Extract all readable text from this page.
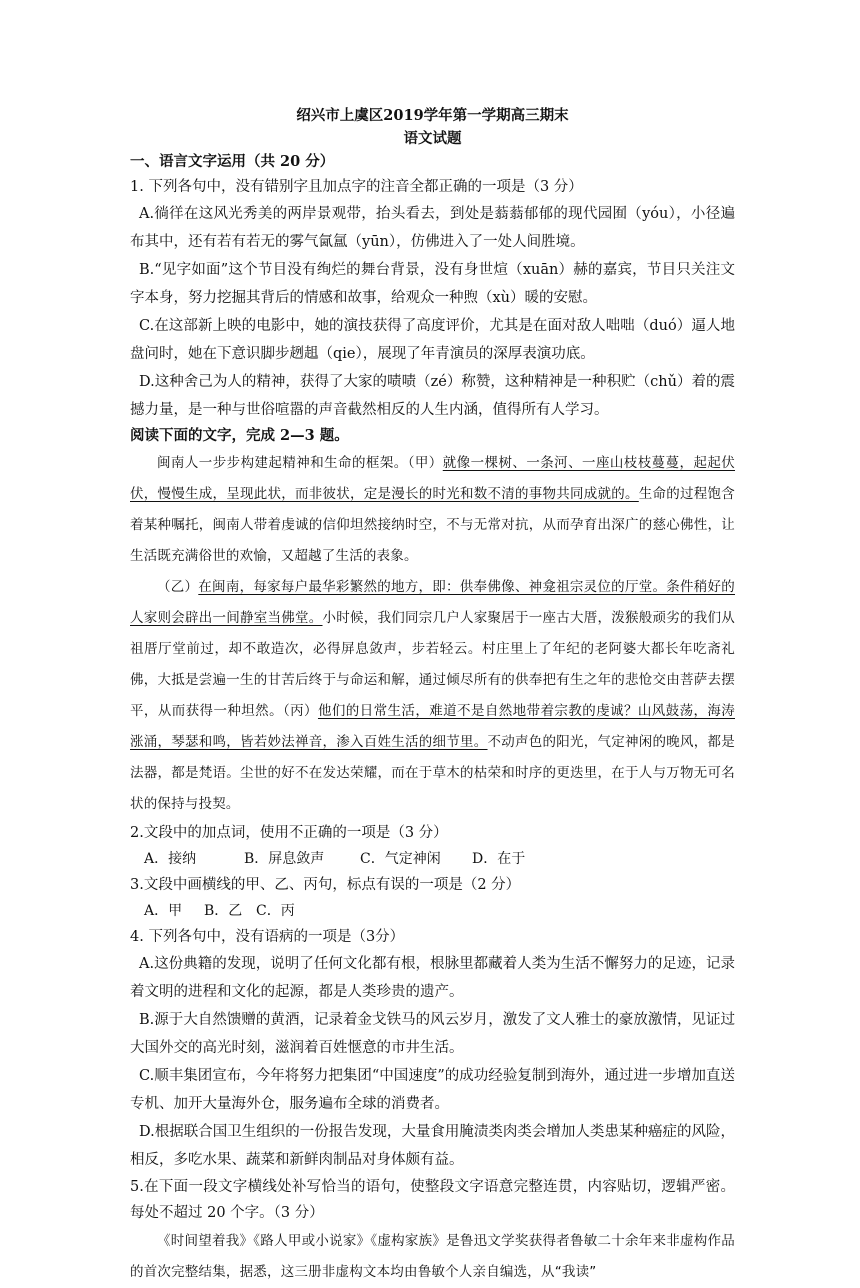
绍兴市上虞区2019学年第一学期高三期末
语文试题
一、语言文字运用（共 20 分）

1. 下列各句中，没有错别字且加点字的注音全都正确的一项是（3 分）

A.徜徉在这风光秀美的两岸景观带，抬头看去，到处是蓊蓊郁郁的现代园囿（yóu），小径遍布其中，还有若有若无的雾气氤氲（yūn），仿佛进入了一处人间胜境。

B.“见字如面”这个节目没有绚烂的舞台背景，没有身世煊（xuān）赫的嘉宾，节目只关注文字本身，努力挖掘其背后的情感和故事，给观众一种煦（xù）暖的安慰。

C.在这部新上映的电影中，她的演技获得了高度评价，尤其是在面对敌人咄咄（duó）逼人地盘问时，她在下意识脚步趔趄（qie），展现了年青演员的深厚表演功底。

D.这种舍己为人的精神，获得了大家的啧啧（zé）称赞，这种精神是一种积贮（chǔ）着的震撼力量，是一种与世俗喧嚣的声音截然相反的人生内涵，值得所有人学习。

阅读下面的文字，完成 2—3 题。

闽南人一步步构建起精神和生命的框架。（甲）就像一棵树、一条河、一座山枝枝蔓蔓，起起伏伏，慢慢生成，呈现此状，而非彼状，定是漫长的时光和数不清的事物共同成就的。生命的过程饱含着某种嘱托，闽南人带着虔诚的信仰坦然接纳时空，不与无常对抗，从而孕育出深广的慈心佛性，让生活既充满俗世的欢愉，又超越了生活的表象。

（乙）在闽南，每家每户最华彩繁然的地方，即：供奉佛像、神龛祖宗灵位的厅堂。条件稍好的人家则会辟出一间静室当佛堂。小时候，我们同宗几户人家聚居于一座古大厝，泼猴般顽劣的我们从祖厝厅堂前过，却不敢造次，必得屏息敛声，步若轻云。村庄里上了年纪的老阿婆大都长年吃斋礼佛，大抵是尝遍一生的甘苦后终于与命运和解，通过倾尽所有的供奉把有生之年的悲怆交由菩萨去摆平，从而获得一种坦然。（丙）他们的日常生活，难道不是自然地带着宗教的虔诚？山风鼓荡，海涛涨涌，琴瑟和鸣，皆若妙法禅音，渗入百姓生活的细节里。不动声色的阳光，气定神闲的晚风，都是法器，都是梵语。尘世的好不在发达荣耀，而在于草木的枯荣和时序的更迭里，在于人与万物无可名状的保持与投契。

2.文段中的加点词，使用不正确的一项是（3 分）

A．接纳	B．屏息敛声	C．气定神闲 D．在于

3.文段中画横线的甲、乙、丙句，标点有误的一项是（2 分）

A．甲 B．乙 C．丙

4. 下列各句中，没有语病的一项是（3分）

A.这份典籍的发现，说明了任何文化都有根，根脉里都藏着人类为生活不懈努力的足迹，记录着文明的进程和文化的起源，都是人类珍贵的遗产。

B.源于大自然馈赠的黄酒，记录着金戈铁马的风云岁月，激发了文人雅士的豪放激情，见证过大国外交的高光时刻，滋润着百姓惬意的市井生活。

C.顺丰集团宣布，今年将努力把集团“中国速度”的成功经验复制到海外，通过进一步增加直送专机、加开大量海外仓，服务遍布全球的消费者。

D.根据联合国卫生组织的一份报告发现，大量食用腌渍类肉类会增加人类患某种癌症的风险，相反，多吃水果、蔬菜和新鲜肉制品对身体颇有益。

5.在下面一段文字横线处补写恰当的语句，使整段文字语意完整连贯，内容贴切，逻辑严密。每处不超过 20 个字。（3 分）

《时间望着我》《路人甲或小说家》《虚构家族》是鲁迅文学奖获得者鲁敏二十余年来非虚构作品的首次完整结集，据悉，这三册非虚构文本均由鲁敏个人亲自编选，从“我读”
